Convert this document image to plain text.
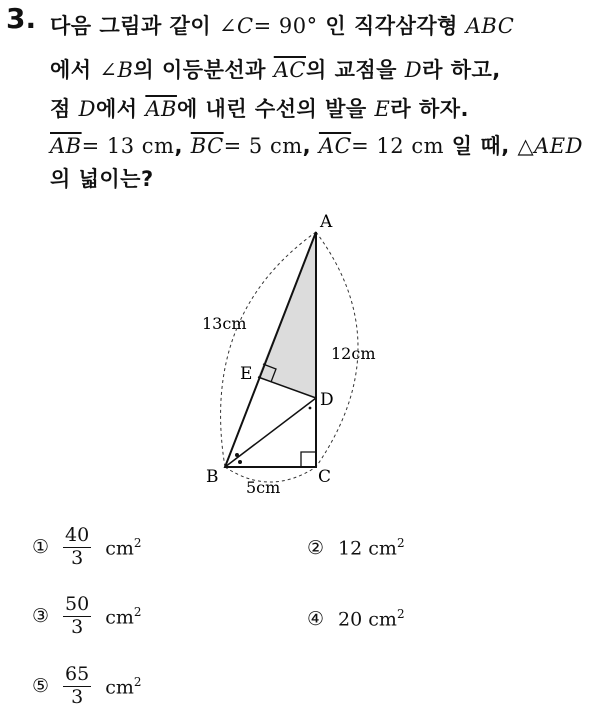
3. 다음 그림과 같이 ∠C= 90° 인 직각삼각형 ABC
에서 ∠B의 이등분선과 $\overline{AC}$의 교점을 D라 하고,
점 D에서 $\overline{AB}$에 내린 수선의 발을 E라 하자.
$\overline{AB}= 13$ cm, $\overline{BC}= 5$ cm, $\overline{AC}= 12$ cm 일 때, △AED
의 넓이는?
A
B	C
D
E
13cm
12cm
5cm
① $\frac{40}{3} cm^2$	② 12 $cm^2$
③ $\frac{50}{3} cm^2$	④ 20 $cm^2$
⑤ $\frac{65}{3} cm^2$
